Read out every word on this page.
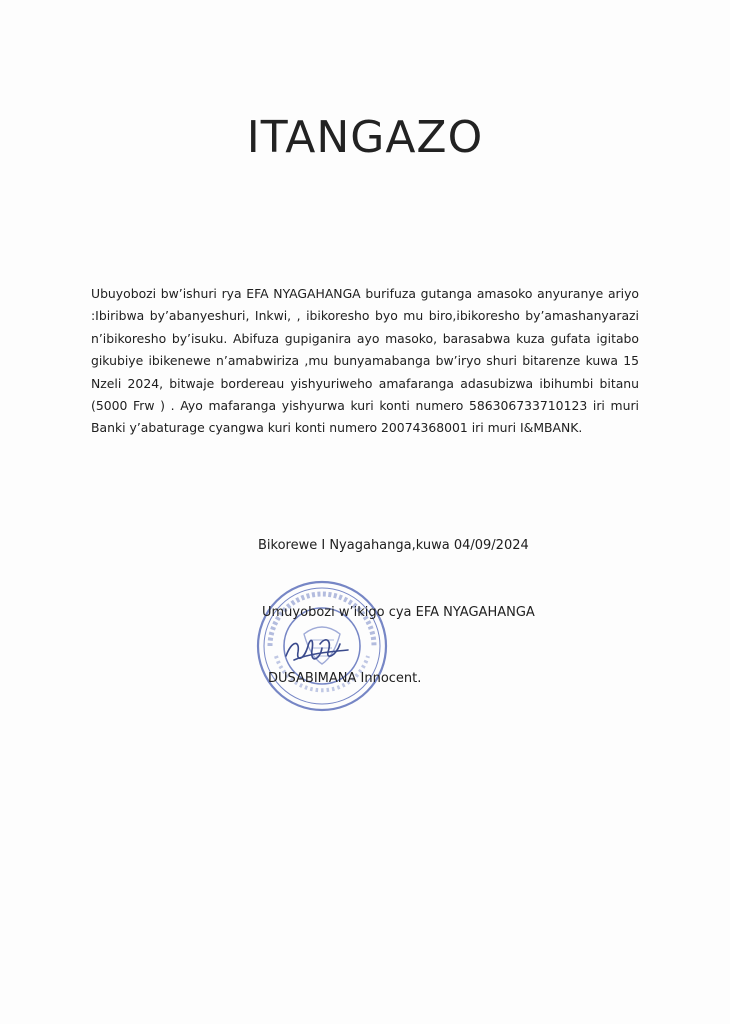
ITANGAZO

Ubuyobozi bw’ishuri rya EFA NYAGAHANGA burifuza gutanga amasoko anyuranye ariyo :Ibiribwa by’abanyeshuri, Inkwi, , ibikoresho byo mu biro,ibikoresho by’amashanyarazi n’ibikoresho by’isuku. Abifuza gupiganira ayo masoko, barasabwa kuza gufata igitabo gikubiye ibikenewe n’amabwiriza ,mu bunyamabanga bw’iryo shuri bitarenze kuwa 15 Nzeli 2024, bitwaje bordereau yishyuriweho amafaranga adasubizwa ibihumbi bitanu (5000 Frw ) . Ayo mafaranga yishyurwa kuri konti numero 586306733710123 iri muri Banki y’abaturage cyangwa kuri konti numero 20074368001 iri muri I&MBANK.

Bikorewe I Nyagahanga,kuwa 04/09/2024

Umuyobozi w’ikigo cya EFA NYAGAHANGA

DUSABIMANA Innocent.
